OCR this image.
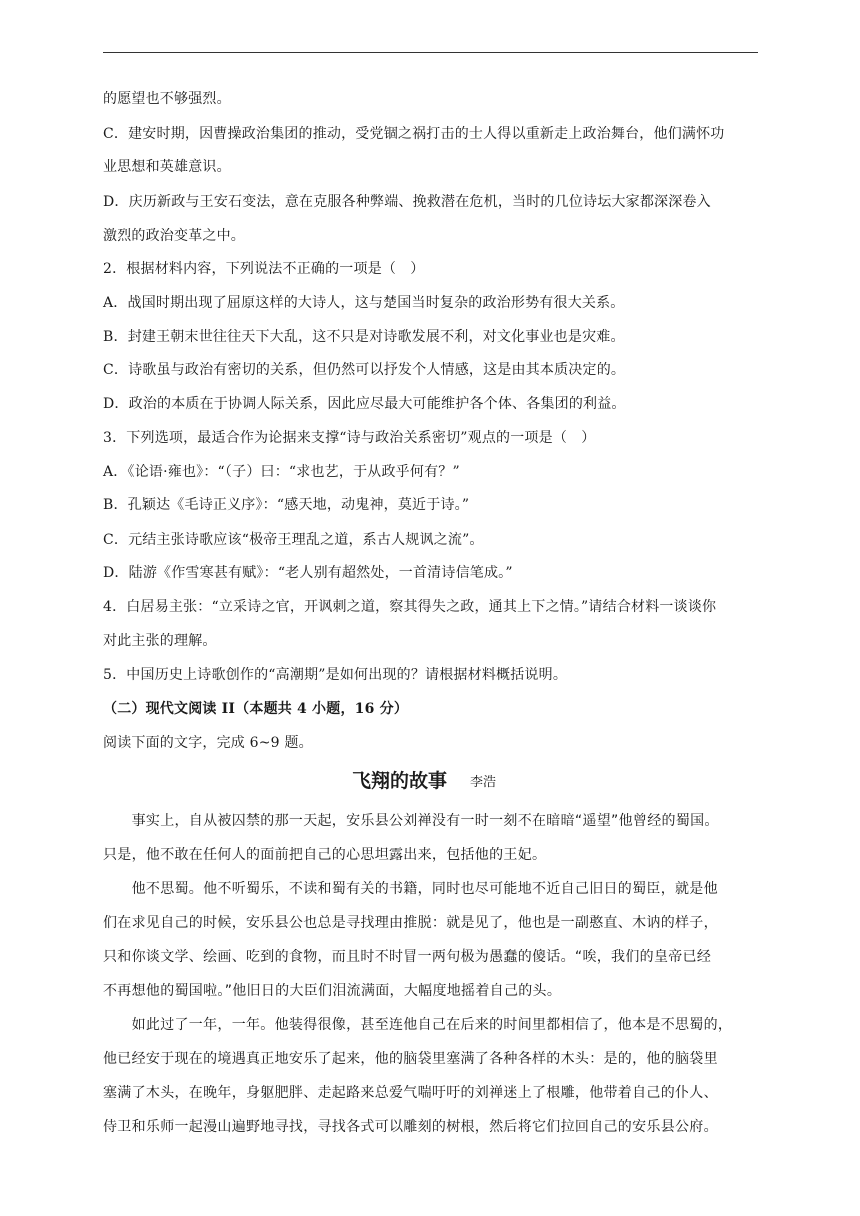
的愿望也不够强烈。
C．建安时期，因曹操政治集团的推动，受党锢之祸打击的士人得以重新走上政治舞台，他们满怀功
业思想和英雄意识。
D．庆历新政与王安石变法，意在克服各种弊端、挽救潜在危机，当时的几位诗坛大家都深深卷入
激烈的政治变革之中。
2．根据材料内容，下列说法不正确的一项是（　）
A．战国时期出现了屈原这样的大诗人，这与楚国当时复杂的政治形势有很大关系。
B．封建王朝末世往往天下大乱，这不只是对诗歌发展不利，对文化事业也是灾难。
C．诗歌虽与政治有密切的关系，但仍然可以抒发个人情感，这是由其本质决定的。
D．政治的本质在于协调人际关系，因此应尽最大可能维护各个体、各集团的利益。
3．下列选项，最适合作为论据来支撑“诗与政治关系密切”观点的一项是（　）
A．《论语·雍也》：“（子）曰：“求也艺，于从政乎何有？”
B．孔颖达《毛诗正义序》：“感天地，动鬼神，莫近于诗。”
C．元结主张诗歌应该“极帝王理乱之道，系古人规讽之流”。
D．陆游《作雪寒甚有赋》：“老人别有超然处，一首清诗信笔成。”
4．白居易主张：“立采诗之官，开讽刺之道，察其得失之政，通其上下之情。”请结合材料一谈谈你
对此主张的理解。
5．中国历史上诗歌创作的“高潮期”是如何出现的？请根据材料概括说明。
（二）现代文阅读 II（本题共 4 小题，16 分）
阅读下面的文字，完成 6~9 题。
飞翔的故事 李浩
　　事实上，自从被囚禁的那一天起，安乐县公刘禅没有一时一刻不在暗暗“遥望”他曾经的蜀国。
只是，他不敢在任何人的面前把自己的心思坦露出来，包括他的王妃。
　　他不思蜀。他不听蜀乐，不读和蜀有关的书籍，同时也尽可能地不近自己旧日的蜀臣，就是他
们在求见自己的时候，安乐县公也总是寻找理由推脱：就是见了，他也是一副憨直、木讷的样子，
只和你谈文学、绘画、吃到的食物，而且时不时冒一两句极为愚蠢的傻话。“唉，我们的皇帝已经
不再想他的蜀国啦。”他旧日的大臣们泪流满面，大幅度地摇着自己的头。
　　如此过了一年，一年。他装得很像，甚至连他自己在后来的时间里都相信了，他本是不思蜀的，
他已经安于现在的境遇真正地安乐了起来，他的脑袋里塞满了各种各样的木头：是的，他的脑袋里
塞满了木头，在晚年，身躯肥胖、走起路来总爱气喘吁吁的刘禅迷上了根雕，他带着自己的仆人、
侍卫和乐师一起漫山遍野地寻找，寻找各式可以雕刻的树根，然后将它们拉回自己的安乐县公府。
